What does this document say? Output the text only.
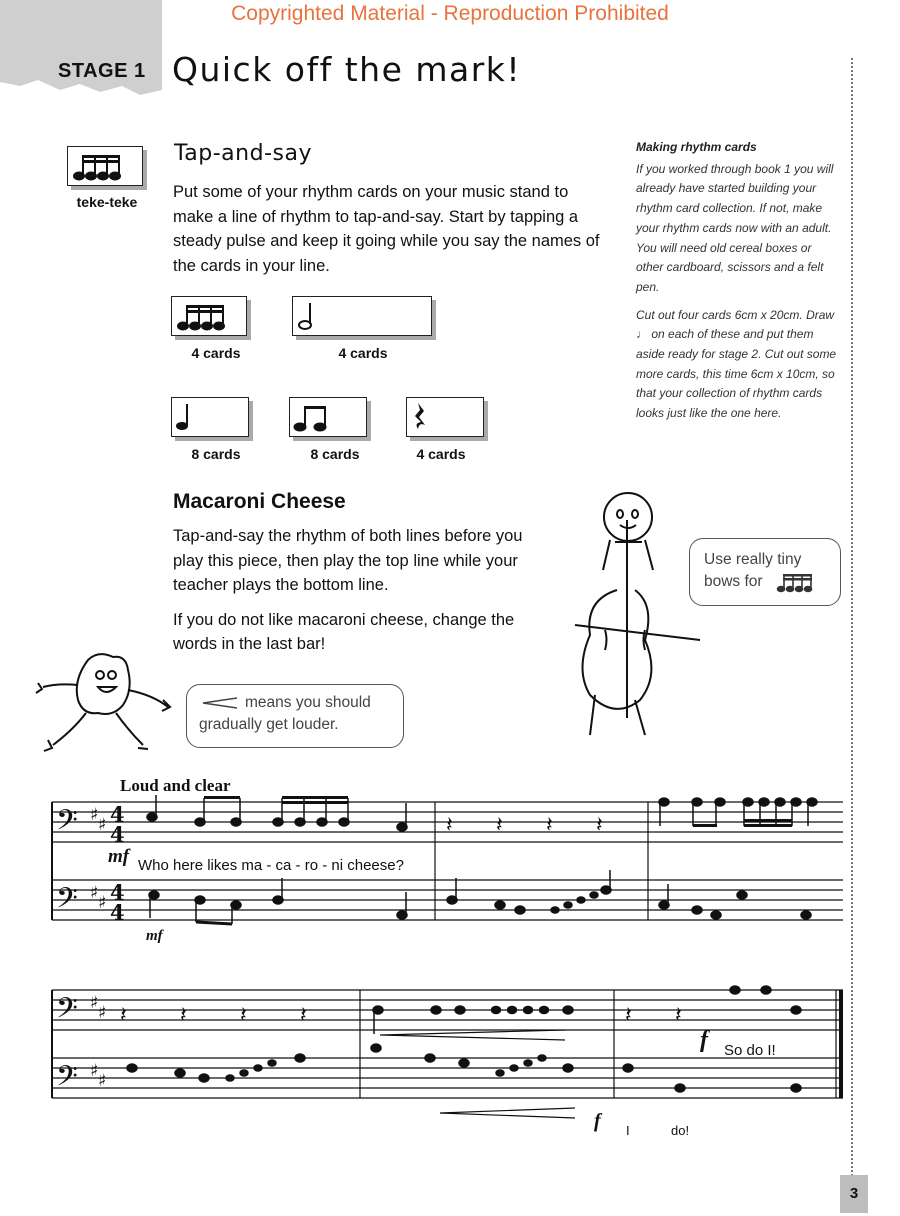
Copyrighted Material - Reproduction Prohibited
STAGE 1 Quick off the mark!
teke-teke
Tap-and-say
Put some of your rhythm cards on your music stand to make a line of rhythm to tap-and-say. Start by tapping a steady pulse and keep it going while you say the names of the cards in your line.
4 cards	4 cards
8 cards	8 cards	4 cards

Making rhythm cards

If you worked through book 1 you will already have started building your rhythm card collection. If not, make your rhythm cards now with an adult. You will need old cereal boxes or other cardboard, scissors and a felt pen.

Cut out four cards 6cm x 20cm. Draw ♩ on each of these and put them aside ready for stage 2. Cut out some more cards, this time 6cm x 10cm, so that your collection of rhythm cards looks just like the one here.

Macaroni Cheese

Tap-and-say the rhythm of both lines before you play this piece, then play the top line while your teacher plays the bottom line.

If you do not like macaroni cheese, change the words in the last bar!

means you should gradually get louder.
Use really tiny
bows for
Loud and clear
𝄢
𝄢
𝄢
𝄢
♯ ♯
♯ ♯
♯ ♯
♯ ♯
4
4
4
4
𝄽 𝄽 𝄽 𝄽
𝄽 𝄽 𝄽 𝄽	𝄽 𝄽
mf
mf
Who here likes ma - ca - ro - ni cheese?
f So do I!
f I	do!
3
